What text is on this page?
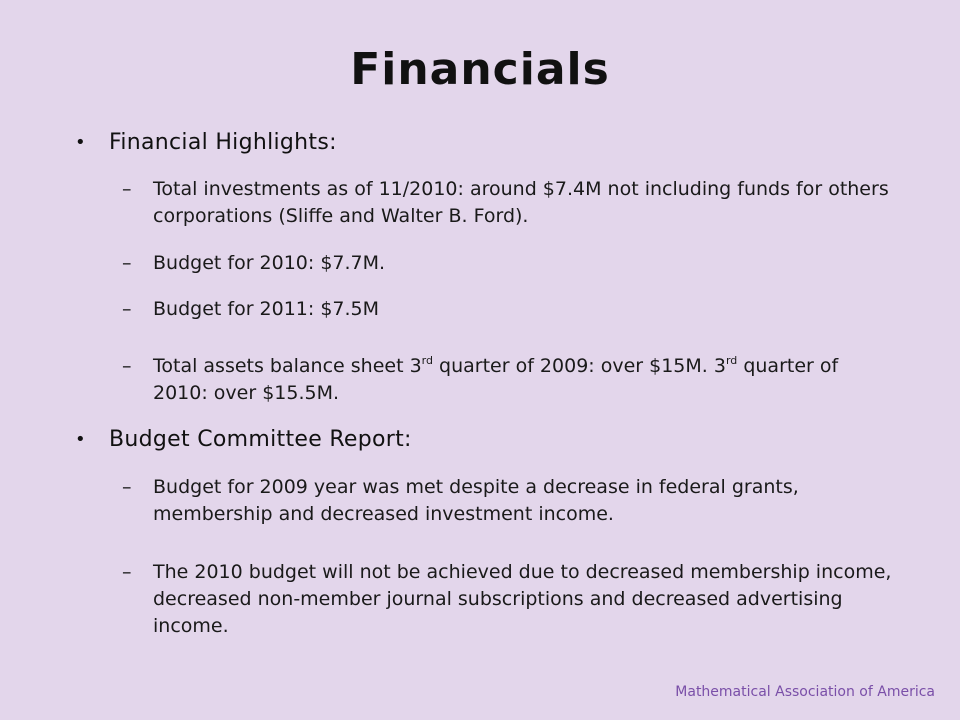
Financials
• Financial Highlights:
– Total investments as of 11/2010: around $7.4M not including funds for others corporations (Sliffe and Walter B. Ford).
– Budget for 2010: $7.7M.
– Budget for 2011: $7.5M
– Total assets balance sheet 3rd quarter of 2009: over $15M. 3rd quarter of 2010: over $15.5M.
• Budget Committee Report:
– Budget for 2009 year was met despite a decrease in federal grants, membership and decreased investment income.
– The 2010 budget will not be achieved due to decreased membership income, decreased non-member journal subscriptions and decreased advertising income.
Mathematical Association of America
